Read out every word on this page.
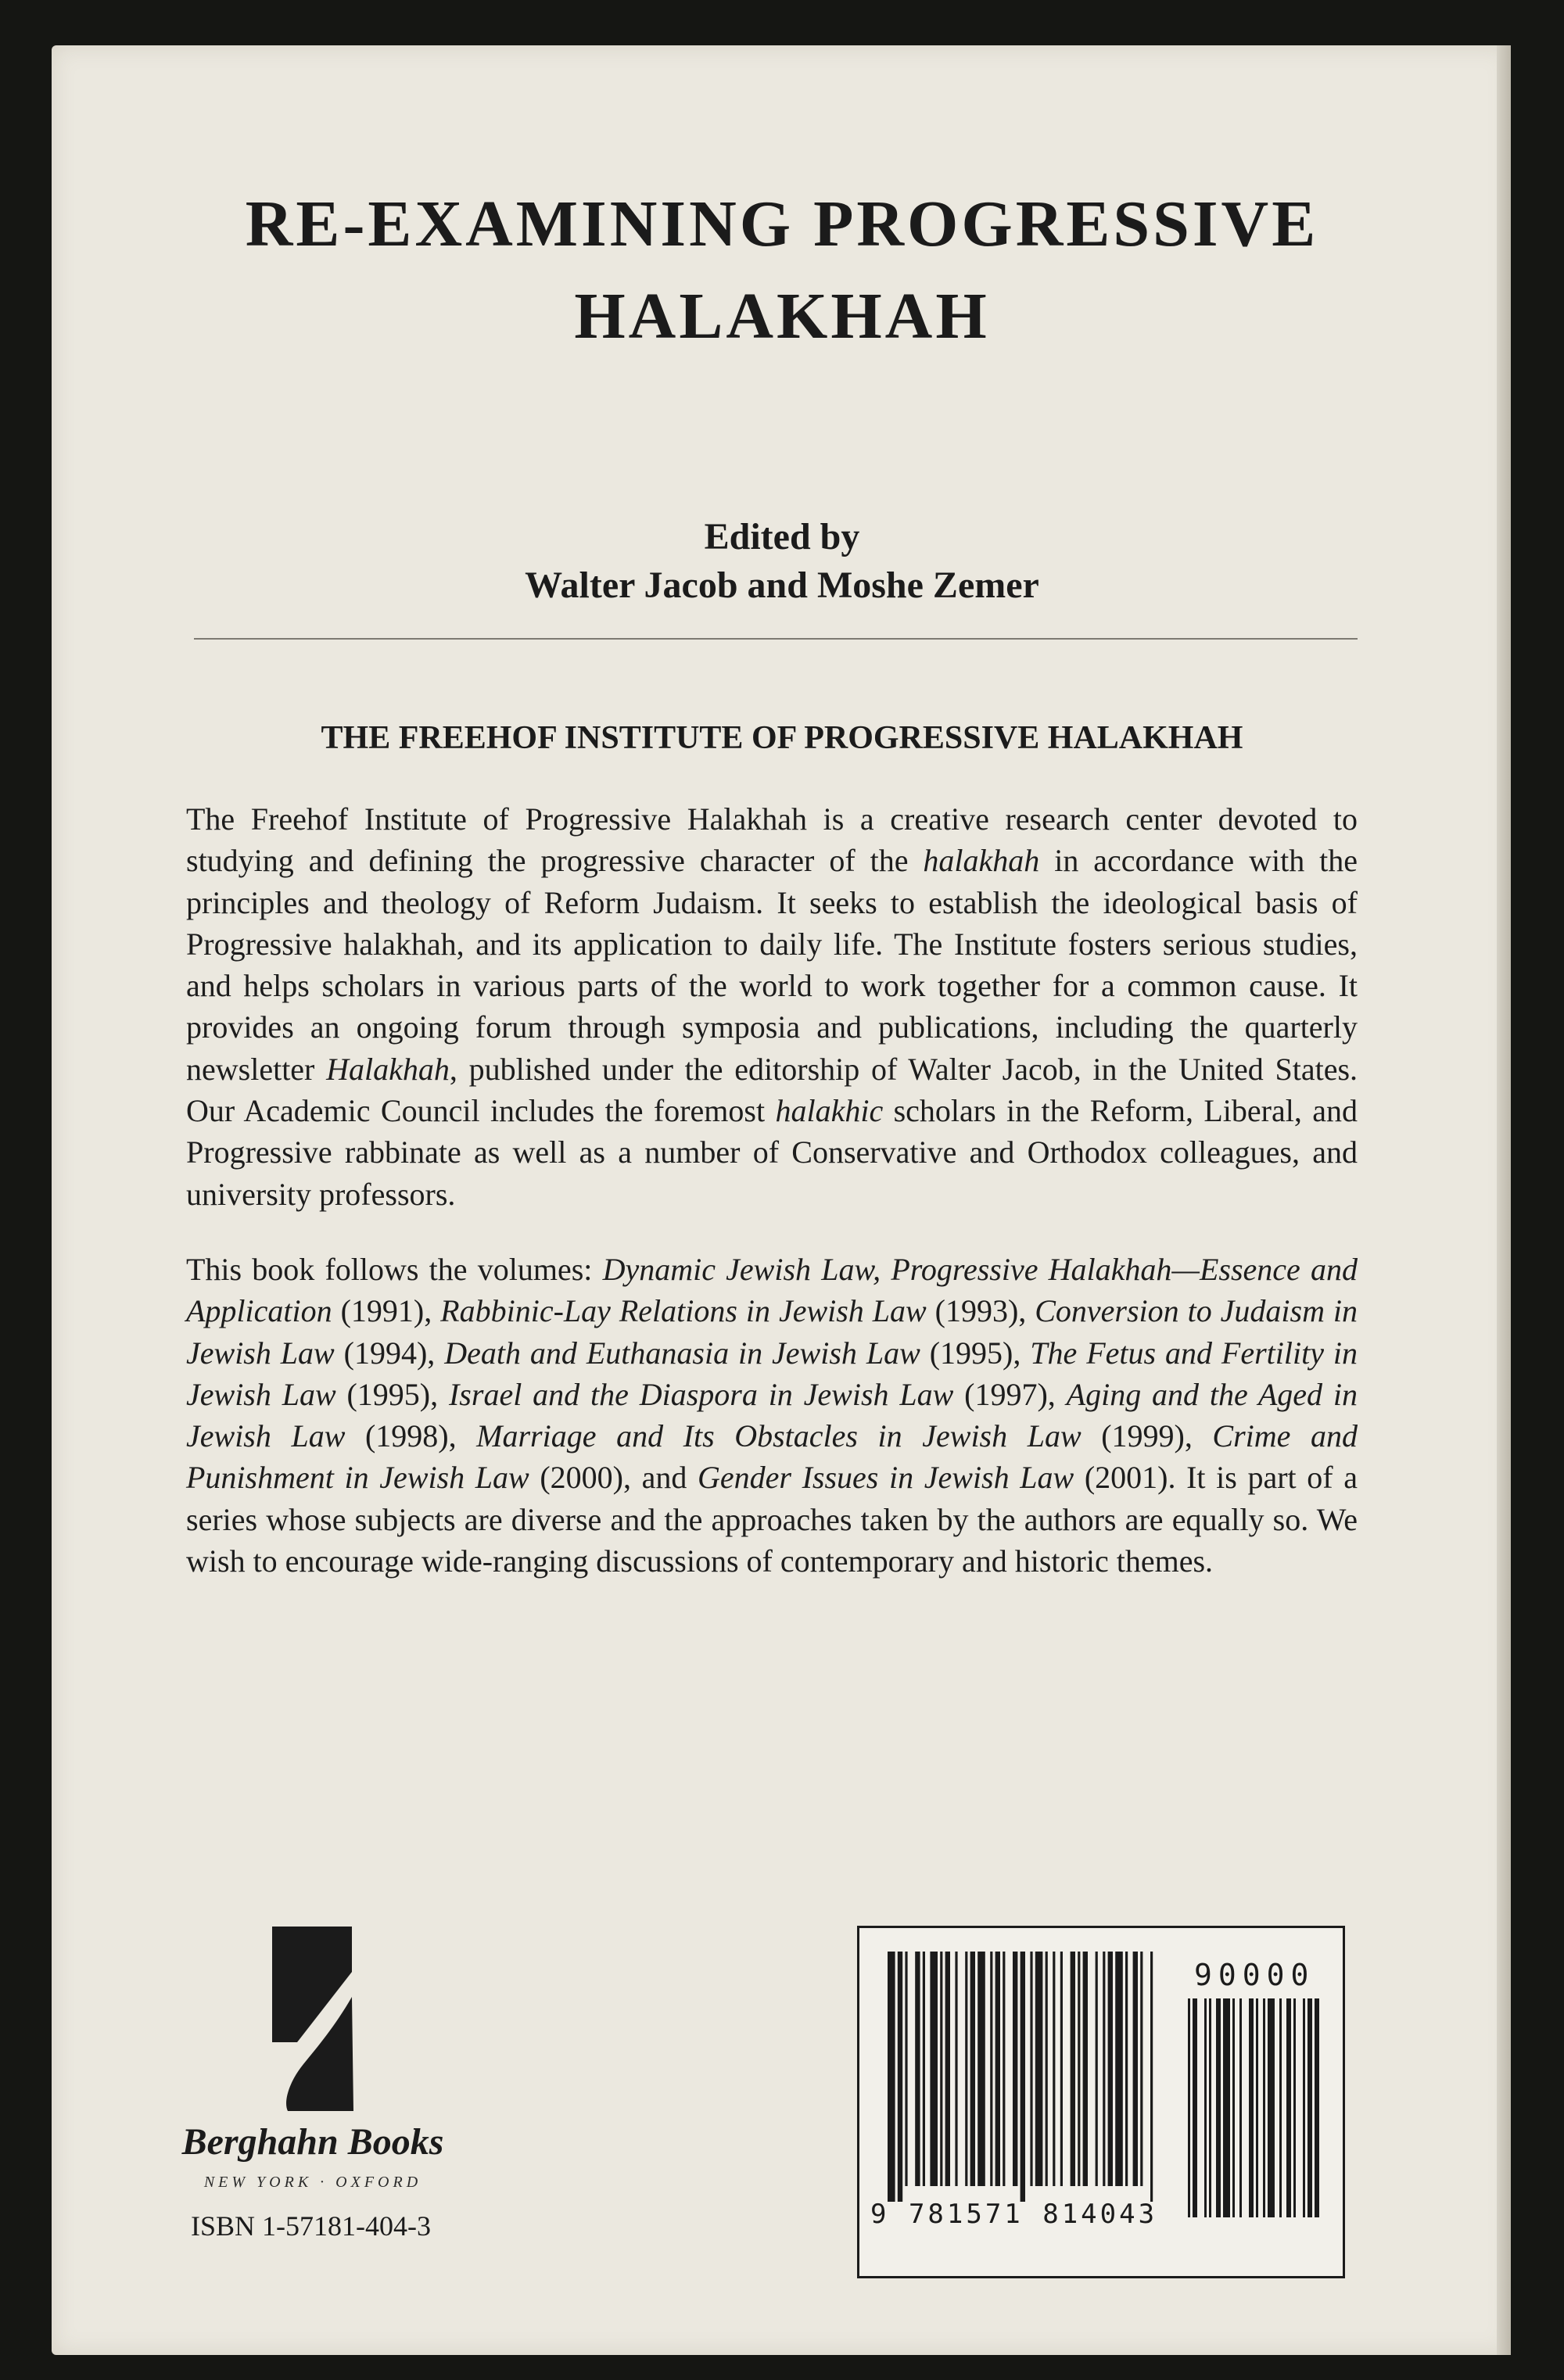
RE-EXAMINING PROGRESSIVE HALAKHAH
Edited by
Walter Jacob and Moshe Zemer
THE FREEHOF INSTITUTE OF PROGRESSIVE HALAKHAH

The Freehof Institute of Progressive Halakhah is a creative research center devoted to studying and defining the progressive character of the halakhah in accordance with the principles and theology of Reform Judaism. It seeks to establish the ideological basis of Progressive halakhah, and its application to daily life. The Institute fosters serious studies, and helps scholars in various parts of the world to work together for a common cause. It provides an ongoing forum through symposia and publications, including the quarterly newsletter Halakhah, published under the editorship of Walter Jacob, in the United States. Our Academic Council includes the foremost halakhic scholars in the Reform, Liberal, and Progressive rabbinate as well as a number of Conservative and Orthodox colleagues, and university professors.

This book follows the volumes: Dynamic Jewish Law, Progressive Halakhah—Essence and Application (1991), Rabbinic-Lay Relations in Jewish Law (1993), Conversion to Judaism in Jewish Law (1994), Death and Euthanasia in Jewish Law (1995), The Fetus and Fertility in Jewish Law (1995), Israel and the Diaspora in Jewish Law (1997), Aging and the Aged in Jewish Law (1998), Marriage and Its Obstacles in Jewish Law (1999), Crime and Punishment in Jewish Law (2000), and Gender Issues in Jewish Law (2001). It is part of a series whose subjects are diverse and the approaches taken by the authors are equally so. We wish to encourage wide-ranging discussions of contemporary and historic themes.

Berghahn Books
NEW YORK · OXFORD
ISBN 1-57181-404-3
90000
9 781571 814043
